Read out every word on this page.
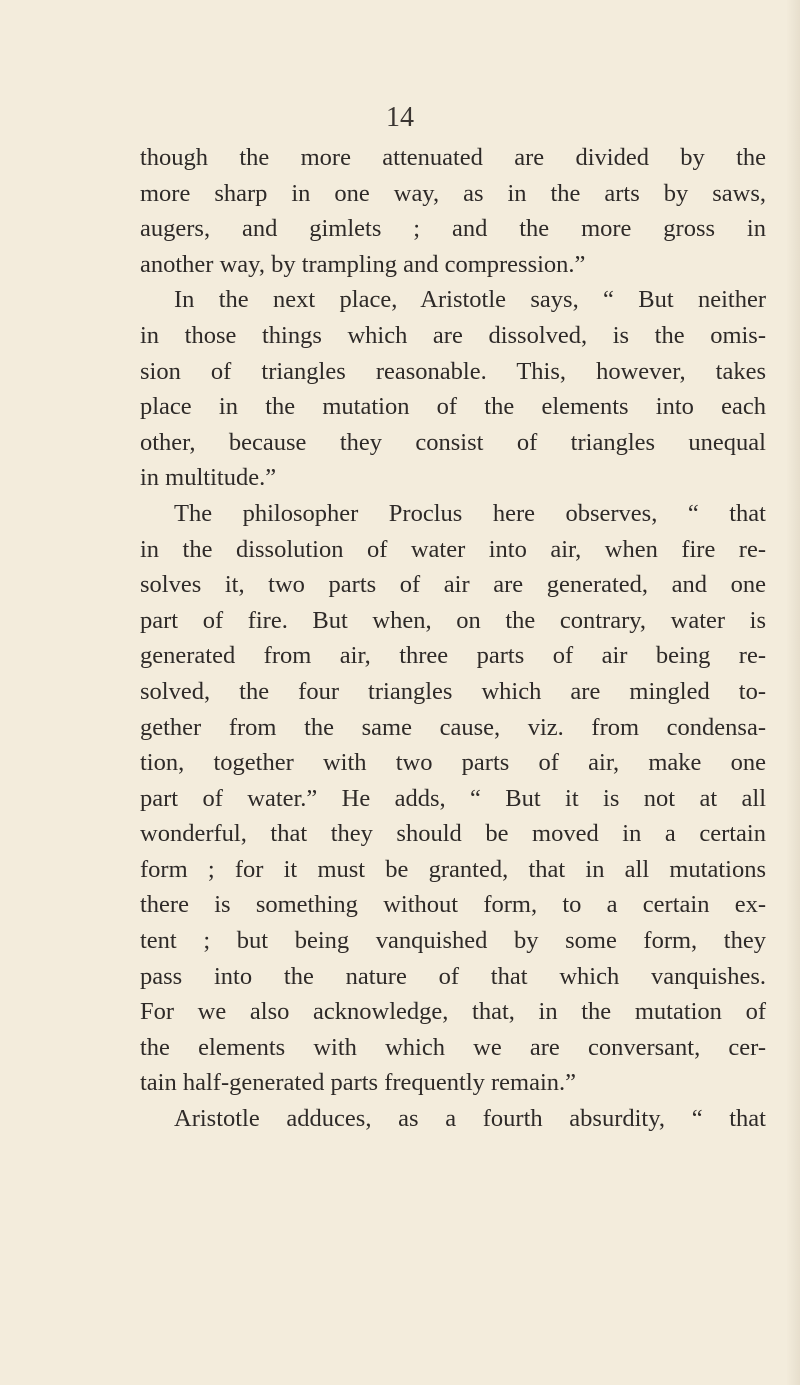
14
though the more attenuated are divided by the
more sharp in one way, as in the arts by saws,
augers, and gimlets ; and the more gross in
another way, by trampling and compression.”
In the next place, Aristotle says, “ But neither
in those things which are dissolved, is the omis-
sion of triangles reasonable. This, however, takes
place in the mutation of the elements into each
other, because they consist of triangles unequal
in multitude.”
The philosopher Proclus here observes, “ that
in the dissolution of water into air, when fire re-
solves it, two parts of air are generated, and one
part of fire. But when, on the contrary, water is
generated from air, three parts of air being re-
solved, the four triangles which are mingled to-
gether from the same cause, viz. from condensa-
tion, together with two parts of air, make one
part of water.” He adds, “ But it is not at all
wonderful, that they should be moved in a certain
form ; for it must be granted, that in all mutations
there is something without form, to a certain ex-
tent ; but being vanquished by some form, they
pass into the nature of that which vanquishes.
For we also acknowledge, that, in the mutation of
the elements with which we are conversant, cer-
tain half-generated parts frequently remain.”
Aristotle adduces, as a fourth absurdity, “ that
